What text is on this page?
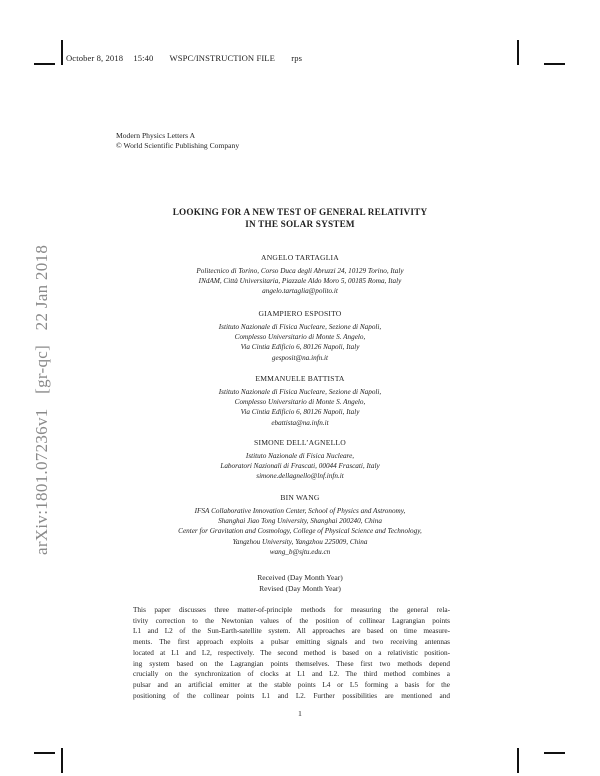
October 8, 2018 15:40 WSPC/INSTRUCTION FILE rps
arXiv:1801.07236v1 [gr-qc] 22 Jan 2018
Modern Physics Letters A
© World Scientific Publishing Company
LOOKING FOR A NEW TEST OF GENERAL RELATIVITY
IN THE SOLAR SYSTEM
ANGELO TARTAGLIA
Politecnico di Torino, Corso Duca degli Abruzzi 24, 10129 Torino, Italy
INdAM, Città Universitaria, Piazzale Aldo Moro 5, 00185 Roma, Italy
angelo.tartaglia@polito.it
GIAMPIERO ESPOSITO
Istituto Nazionale di Fisica Nucleare, Sezione di Napoli,
Complesso Universitario di Monte S. Angelo,
Via Cintia Edificio 6, 80126 Napoli, Italy
gesposit@na.infn.it
EMMANUELE BATTISTA
Istituto Nazionale di Fisica Nucleare, Sezione di Napoli,
Complesso Universitario di Monte S. Angelo,
Via Cintia Edificio 6, 80126 Napoli, Italy
ebattista@na.infn.it
SIMONE DELL’AGNELLO
Istituto Nazionale di Fisica Nucleare,
Laboratori Nazionali di Frascati, 00044 Frascati, Italy
simone.dellagnello@lnf.infn.it
BIN WANG
IFSA Collaborative Innovation Center, School of Physics and Astronomy,
Shanghai Jiao Tong University, Shanghai 200240, China
Center for Gravitation and Cosmology, College of Physical Science and Technology,
Yangzhou University, Yangzhou 225009, China
wang_b@sjtu.edu.cn
Received (Day Month Year)
Revised (Day Month Year)
This paper discusses three matter-of-principle methods for measuring the general rela-
tivity correction to the Newtonian values of the position of collinear Lagrangian points
L1 and L2 of the Sun-Earth-satellite system. All approaches are based on time measure-
ments. The first approach exploits a pulsar emitting signals and two receiving antennas
located at L1 and L2, respectively. The second method is based on a relativistic position-
ing system based on the Lagrangian points themselves. These first two methods depend
crucially on the synchronization of clocks at L1 and L2. The third method combines a
pulsar and an artificial emitter at the stable points L4 or L5 forming a basis for the
positioning of the collinear points L1 and L2. Further possibilities are mentioned and
1
